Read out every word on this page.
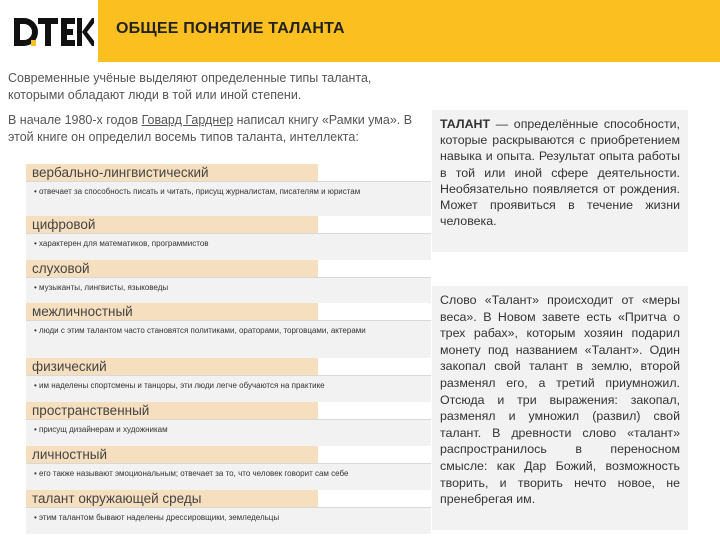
ОБЩЕЕ ПОНЯТИЕ ТАЛАНТА
Современные учёные выделяют определенные типы таланта, которыми обладают люди в той или иной степени.
В начале 1980-х годов Говард Гарднер написал книгу «Рамки ума». В этой книге он определил восемь типов таланта, интеллекта:
вербально-лингвистический
• отвечает за способность писать и читать, присущ журналистам, писателям и юристам
цифровой
• характерен для математиков, программистов
слуховой
• музыканты, лингвисты, языковеды
межличностный
• люди с этим талантом часто становятся политиками, ораторами, торговцами, актерами
физический
• им наделены спортсмены и танцоры, эти люди легче обучаются на практике
пространственный
• присущ дизайнерам и художникам
личностный
• его также называют эмоциональным; отвечает за то, что человек говорит сам себе
талант окружающей среды
• этим талантом бывают наделены дрессировщики, земледельцы
ТАЛАНТ — определённые способности, которые раскрываются с приобретением навыка и опыта. Результат опыта работы в той или иной сфере деятельности. Необязательно появляется от рождения. Может проявиться в течение жизни человека.
Слово «Талант» происходит от «меры веса». В Новом завете есть «Притча о трех рабах», которым хозяин подарил монету под названием «Талант». Один закопал свой талант в землю, второй разменял его, а третий приумножил. Отсюда и три выражения: закопал, разменял и умножил (развил) свой талант. В древности слово «талант» распространилось в переносном смысле: как Дар Божий, возможность творить, и творить нечто новое, не пренебрегая им.
